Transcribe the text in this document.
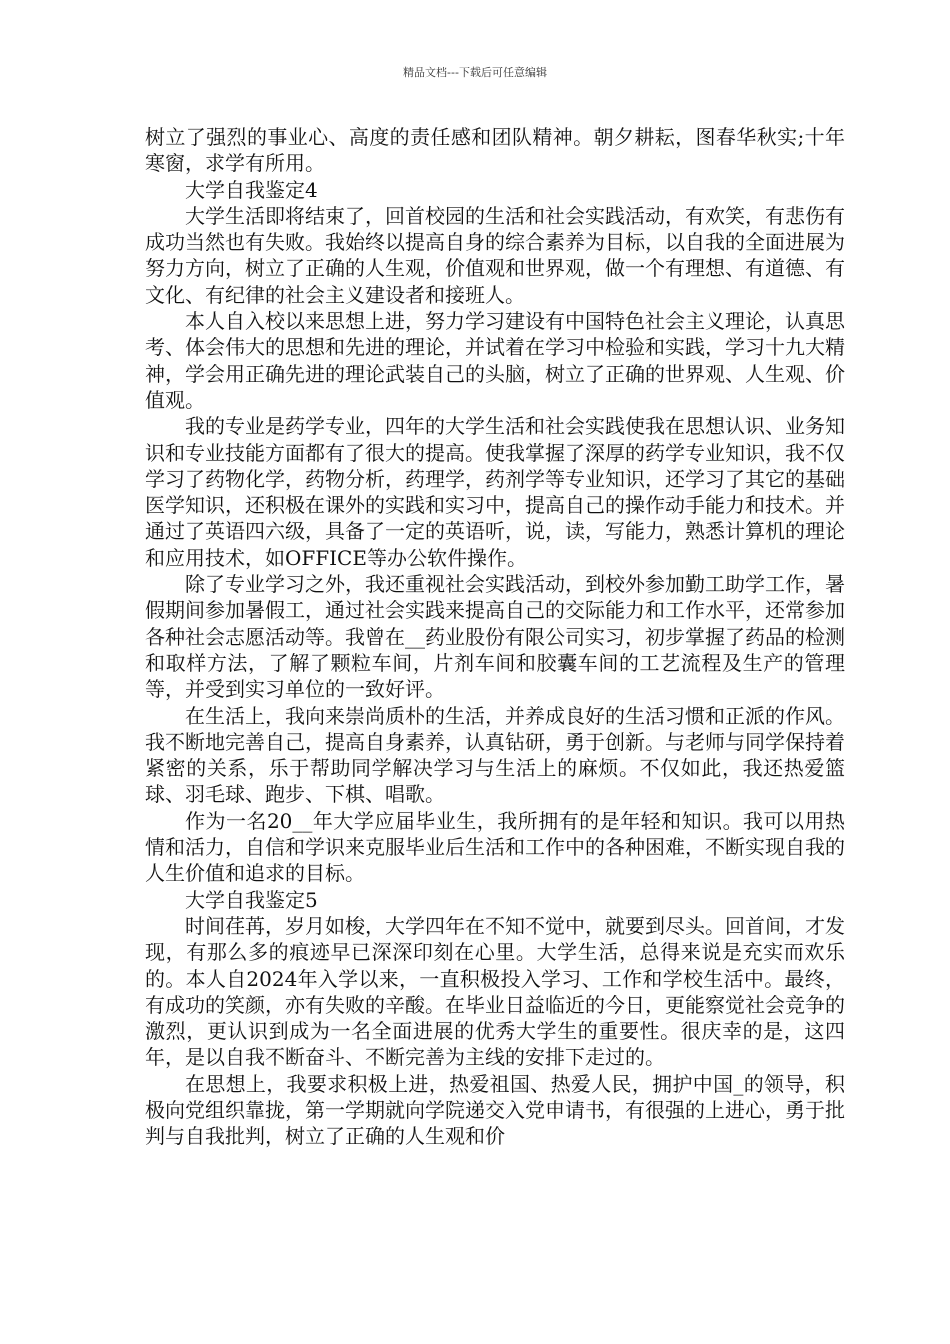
精品文档---下载后可任意编辑

树立了强烈的事业心、高度的责任感和团队精神。朝夕耕耘，图春华秋实;十年寒窗，求学有所用。

大学自我鉴定4

大学生活即将结束了，回首校园的生活和社会实践活动，有欢笑，有悲伤有成功当然也有失败。我始终以提高自身的综合素养为目标，以自我的全面进展为努力方向，树立了正确的人生观，价值观和世界观，做一个有理想、有道德、有文化、有纪律的社会主义建设者和接班人。

本人自入校以来思想上进，努力学习建设有中国特色社会主义理论，认真思考、体会伟大的思想和先进的理论，并试着在学习中检验和实践，学习十九大精神，学会用正确先进的理论武装自己的头脑，树立了正确的世界观、人生观、价值观。

我的专业是药学专业，四年的大学生活和社会实践使我在思想认识、业务知识和专业技能方面都有了很大的提高。使我掌握了深厚的药学专业知识，我不仅学习了药物化学，药物分析，药理学，药剂学等专业知识，还学习了其它的基础医学知识，还积极在课外的实践和实习中，提高自己的操作动手能力和技术。并通过了英语四六级，具备了一定的英语听，说，读，写能力，熟悉计算机的理论和应用技术，如OFFICE等办公软件操作。

除了专业学习之外，我还重视社会实践活动，到校外参加勤工助学工作，暑假期间参加暑假工，通过社会实践来提高自己的交际能力和工作水平，还常参加各种社会志愿活动等。我曾在__药业股份有限公司实习，初步掌握了药品的检测和取样方法，了解了颗粒车间，片剂车间和胶囊车间的工艺流程及生产的管理等，并受到实习单位的一致好评。

在生活上，我向来崇尚质朴的生活，并养成良好的生活习惯和正派的作风。我不断地完善自己，提高自身素养，认真钻研，勇于创新。与老师与同学保持着紧密的关系，乐于帮助同学解决学习与生活上的麻烦。不仅如此，我还热爱篮球、羽毛球、跑步、下棋、唱歌。

作为一名20__年大学应届毕业生，我所拥有的是年轻和知识。我可以用热情和活力，自信和学识来克服毕业后生活和工作中的各种困难，不断实现自我的人生价值和追求的目标。

大学自我鉴定5

时间荏苒，岁月如梭，大学四年在不知不觉中，就要到尽头。回首间，才发现，有那么多的痕迹早已深深印刻在心里。大学生活，总得来说是充实而欢乐的。本人自2024年入学以来，一直积极投入学习、工作和学校生活中。最终，有成功的笑颜，亦有失败的辛酸。在毕业日益临近的今日，更能察觉社会竞争的激烈，更认识到成为一名全面进展的优秀大学生的重要性。很庆幸的是，这四年，是以自我不断奋斗、不断完善为主线的安排下走过的。

在思想上，我要求积极上进，热爱祖国、热爱人民，拥护中国_的领导，积极向党组织靠拢，第一学期就向学院递交入党申请书，有很强的上进心，勇于批判与自我批判，树立了正确的人生观和价
